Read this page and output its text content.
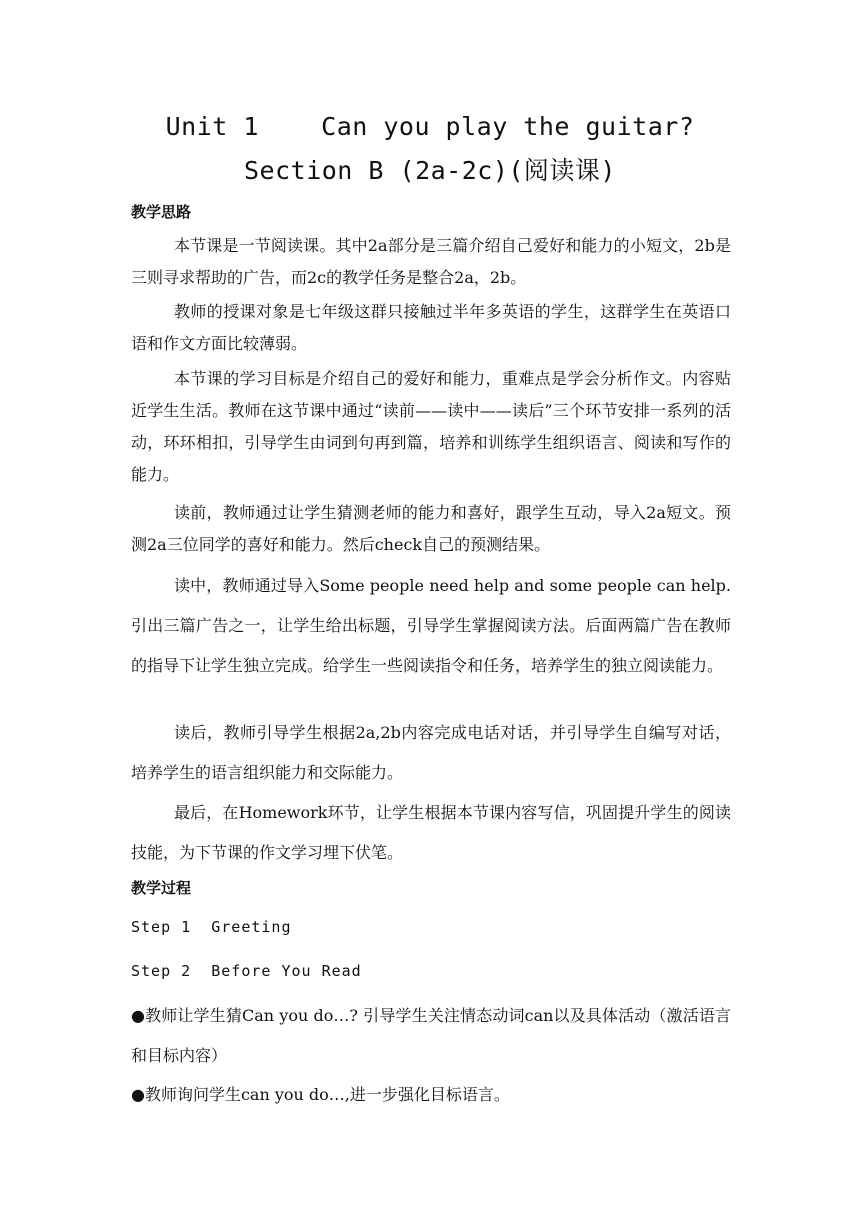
Unit 1    Can you play the guitar?
Section B (2a-2c)(阅读课)
教学思路

本节课是一节阅读课。其中2a部分是三篇介绍自己爱好和能力的小短文，2b是三则寻求帮助的广告，而2c的教学任务是整合2a，2b。

教师的授课对象是七年级这群只接触过半年多英语的学生，这群学生在英语口语和作文方面比较薄弱。

本节课的学习目标是介绍自己的爱好和能力，重难点是学会分析作文。内容贴近学生生活。教师在这节课中通过“读前——读中——读后”三个环节安排一系列的活动，环环相扣，引导学生由词到句再到篇，培养和训练学生组织语言、阅读和写作的能力。

读前，教师通过让学生猜测老师的能力和喜好，跟学生互动，导入2a短文。预测2a三位同学的喜好和能力。然后check自己的预测结果。

读中，教师通过导入Some people need help and some people can help.引出三篇广告之一，让学生给出标题，引导学生掌握阅读方法。后面两篇广告在教师的指导下让学生独立完成。给学生一些阅读指令和任务，培养学生的独立阅读能力。

读后，教师引导学生根据2a,2b内容完成电话对话，并引导学生自编写对话，培养学生的语言组织能力和交际能力。

最后，在Homework环节，让学生根据本节课内容写信，巩固提升学生的阅读技能，为下节课的作文学习埋下伏笔。

教学过程
Step 1  Greeting
Step 2  Before You Read

●教师让学生猜Can you do…? 引导学生关注情态动词can以及具体活动（激活语言和目标内容）

●教师询问学生can you do…,进一步强化目标语言。
